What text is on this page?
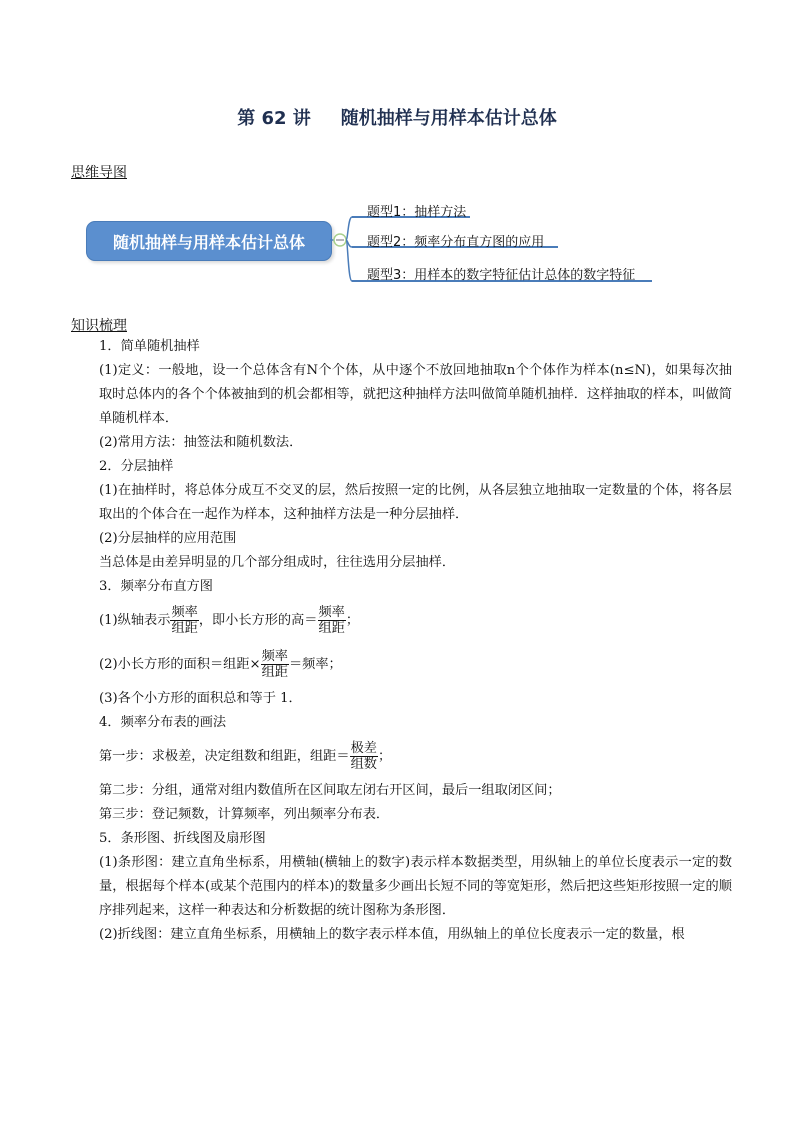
第 62 讲 随机抽样与用样本估计总体
思维导图
随机抽样与用样本估计总体
题型1：抽样方法
题型2：频率分布直方图的应用
题型3：用样本的数字特征估计总体的数字特征
知识梳理
1．简单随机抽样
(1)定义：一般地，设一个总体含有N个个体，从中逐个不放回地抽取n个个体作为样本(n≤N)，如果每次抽取时总体内的各个个体被抽到的机会都相等，就把这种抽样方法叫做简单随机抽样．这样抽取的样本，叫做简单随机样本．
(2)常用方法：抽签法和随机数法．
2．分层抽样
(1)在抽样时，将总体分成互不交叉的层，然后按照一定的比例，从各层独立地抽取一定数量的个体，将各层取出的个体合在一起作为样本，这种抽样方法是一种分层抽样．
(2)分层抽样的应用范围
当总体是由差异明显的几个部分组成时，往往选用分层抽样．
3．频率分布直方图
(1)纵轴表示 $\frac{\text{频率}}{\text{组距}}$ ，即小长方形的高＝ $\frac{\text{频率}}{\text{组距}}$ ；
(2)小长方形的面积＝组距× $\frac{\text{频率}}{\text{组距}}$ ＝频率；
(3)各个小方形的面积总和等于 1．
4．频率分布表的画法
第一步：求极差，决定组数和组距，组距＝ $\frac{\text{极差}}{\text{组数}}$ ；
第二步：分组，通常对组内数值所在区间取左闭右开区间，最后一组取闭区间；
第三步：登记频数，计算频率，列出频率分布表．
5．条形图、折线图及扇形图
(1)条形图：建立直角坐标系，用横轴(横轴上的数字)表示样本数据类型，用纵轴上的单位长度表示一定的数量，根据每个样本(或某个范围内的样本)的数量多少画出长短不同的等宽矩形，然后把这些矩形按照一定的顺序排列起来，这样一种表达和分析数据的统计图称为条形图．
(2)折线图：建立直角坐标系，用横轴上的数字表示样本值，用纵轴上的单位长度表示一定的数量，根
